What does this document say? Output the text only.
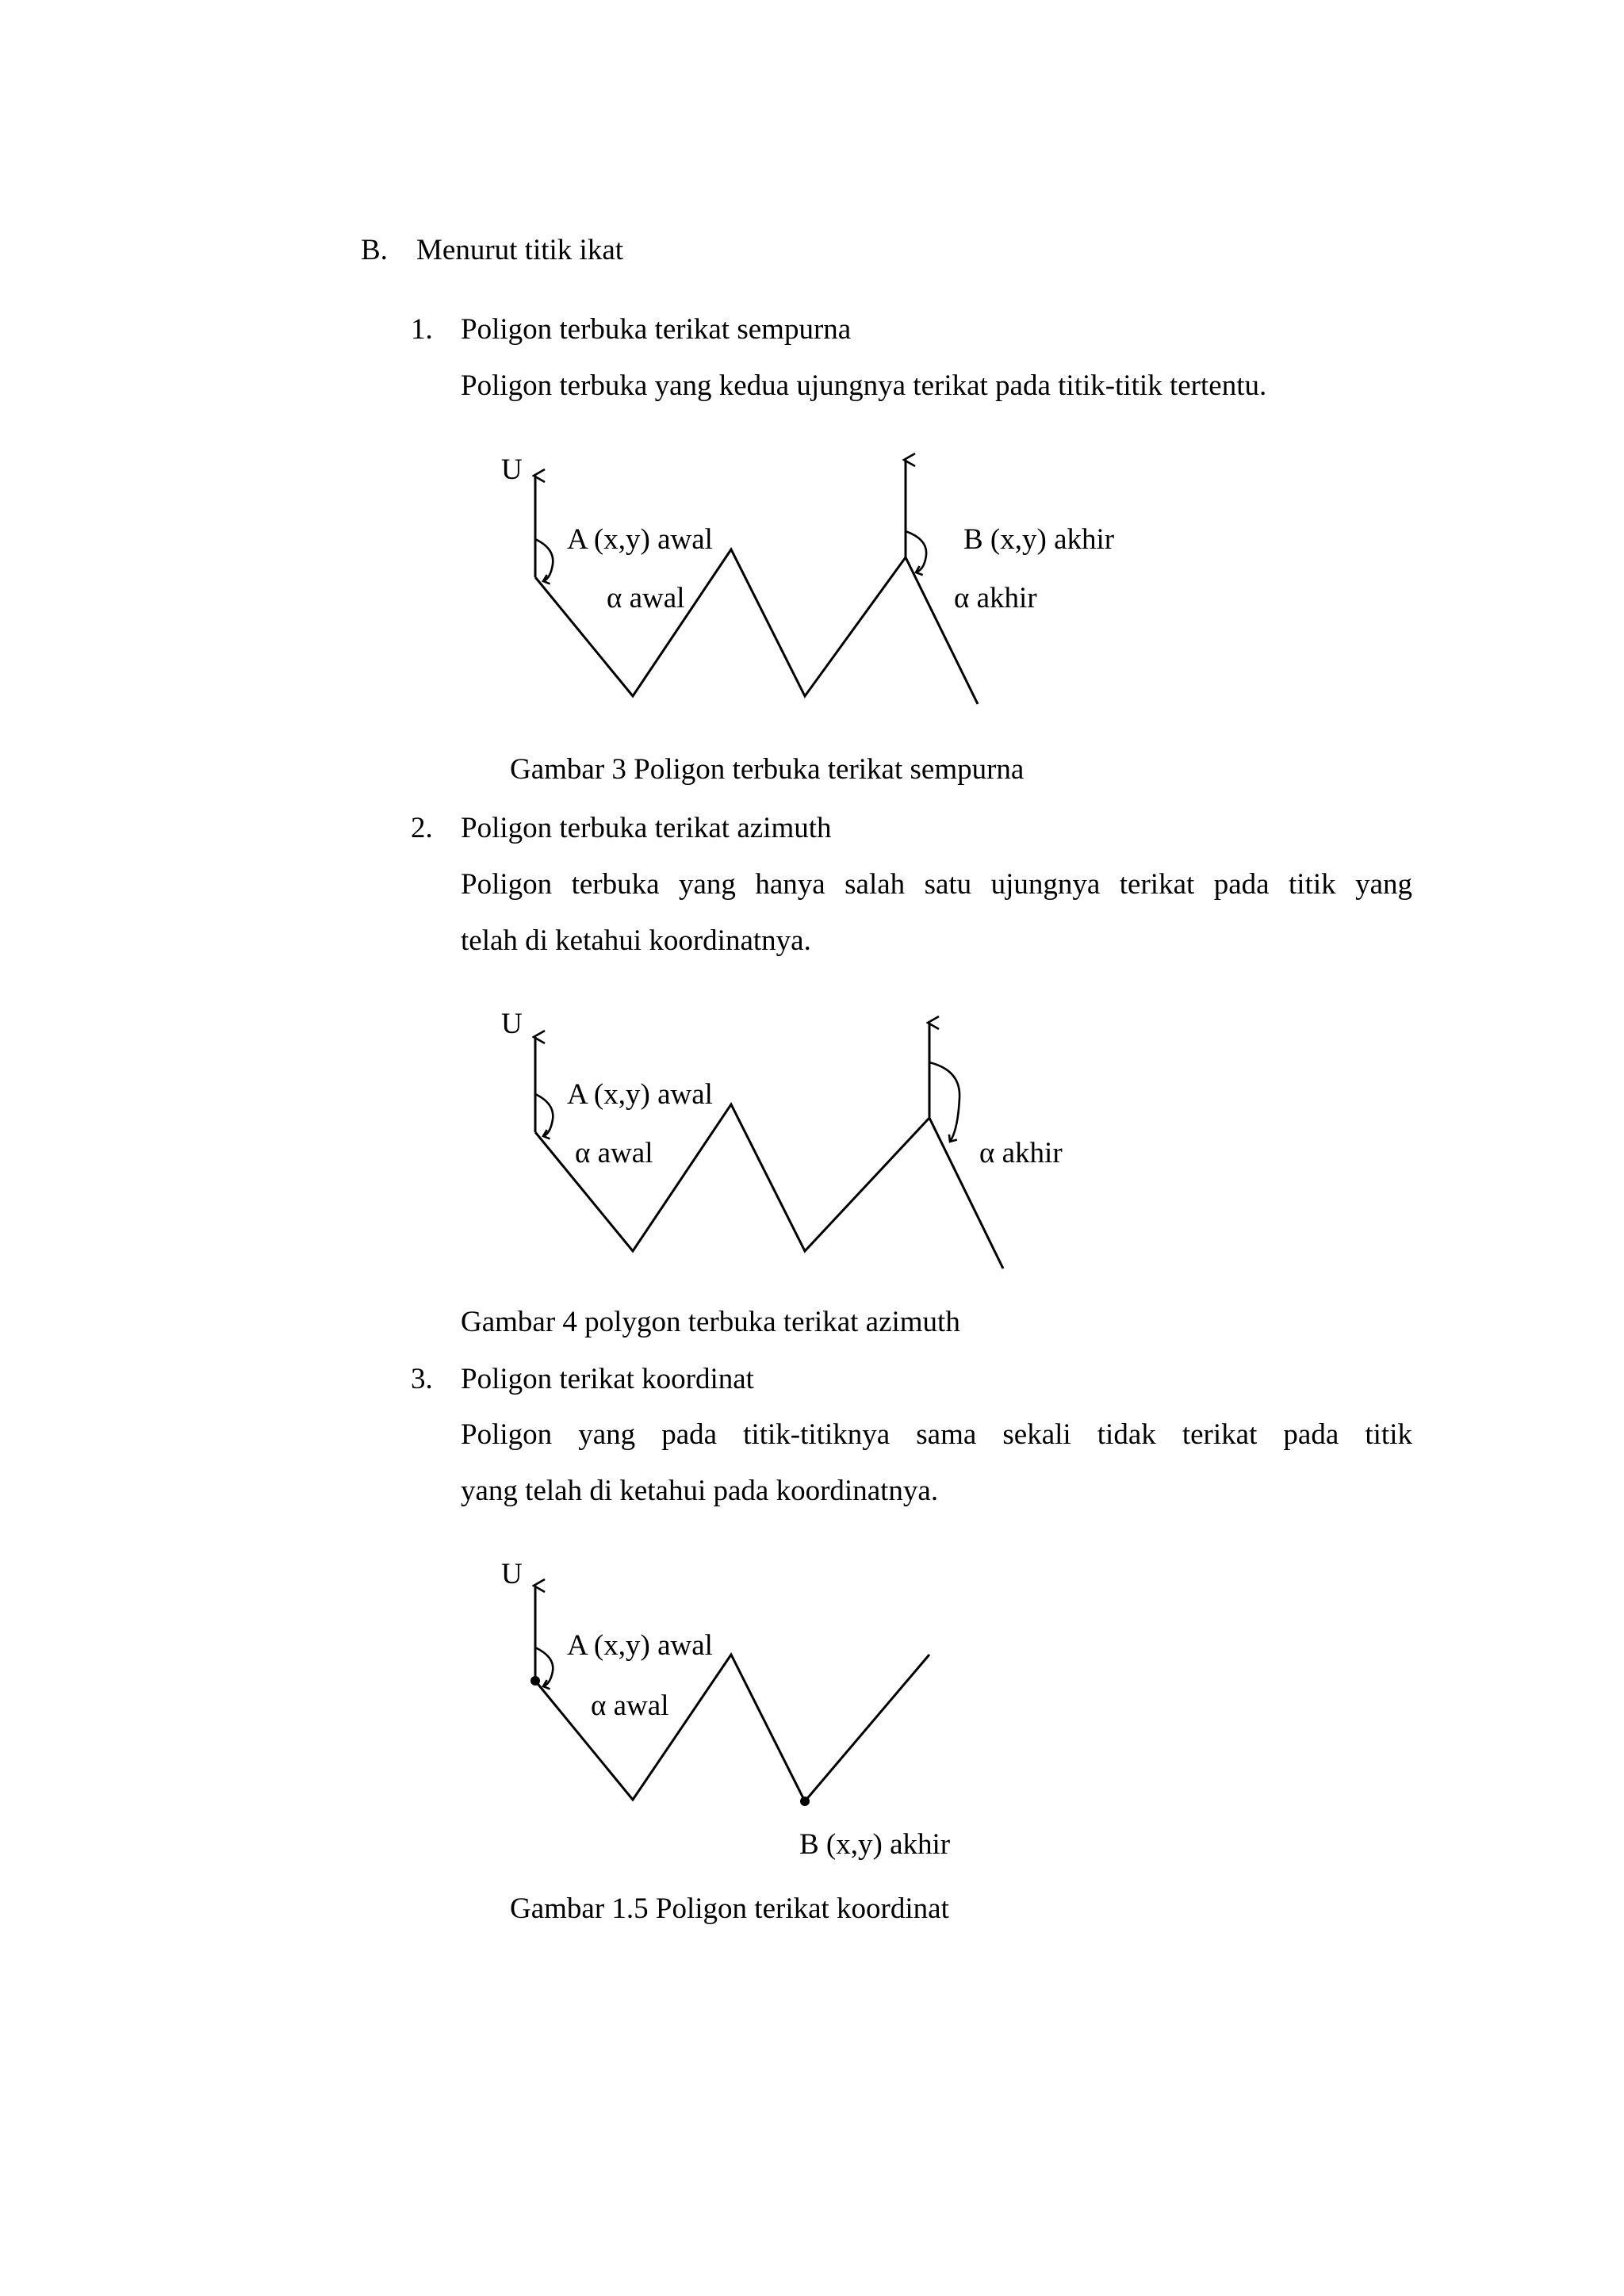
B. Menurut titik ikat
1. Poligon terbuka terikat sempurna
Poligon terbuka yang kedua ujungnya terikat pada titik-titik tertentu.
U
A (x,y) awal	B (x,y) akhir
α awal	α akhir
U
A (x,y) awal
α awal	α akhir
U
A (x,y) awal
α awal
B (x,y) akhir
Gambar 3 Poligon terbuka terikat sempurna
2. Poligon terbuka terikat azimuth
Poligon terbuka yang hanya salah satu ujungnya terikat pada titik yang
telah di ketahui koordinatnya.
Gambar 4 polygon terbuka terikat azimuth
3. Poligon terikat koordinat
Poligon yang pada titik-titiknya sama sekali tidak terikat pada titik
yang telah di ketahui pada koordinatnya.
Gambar 1.5 Poligon terikat koordinat
